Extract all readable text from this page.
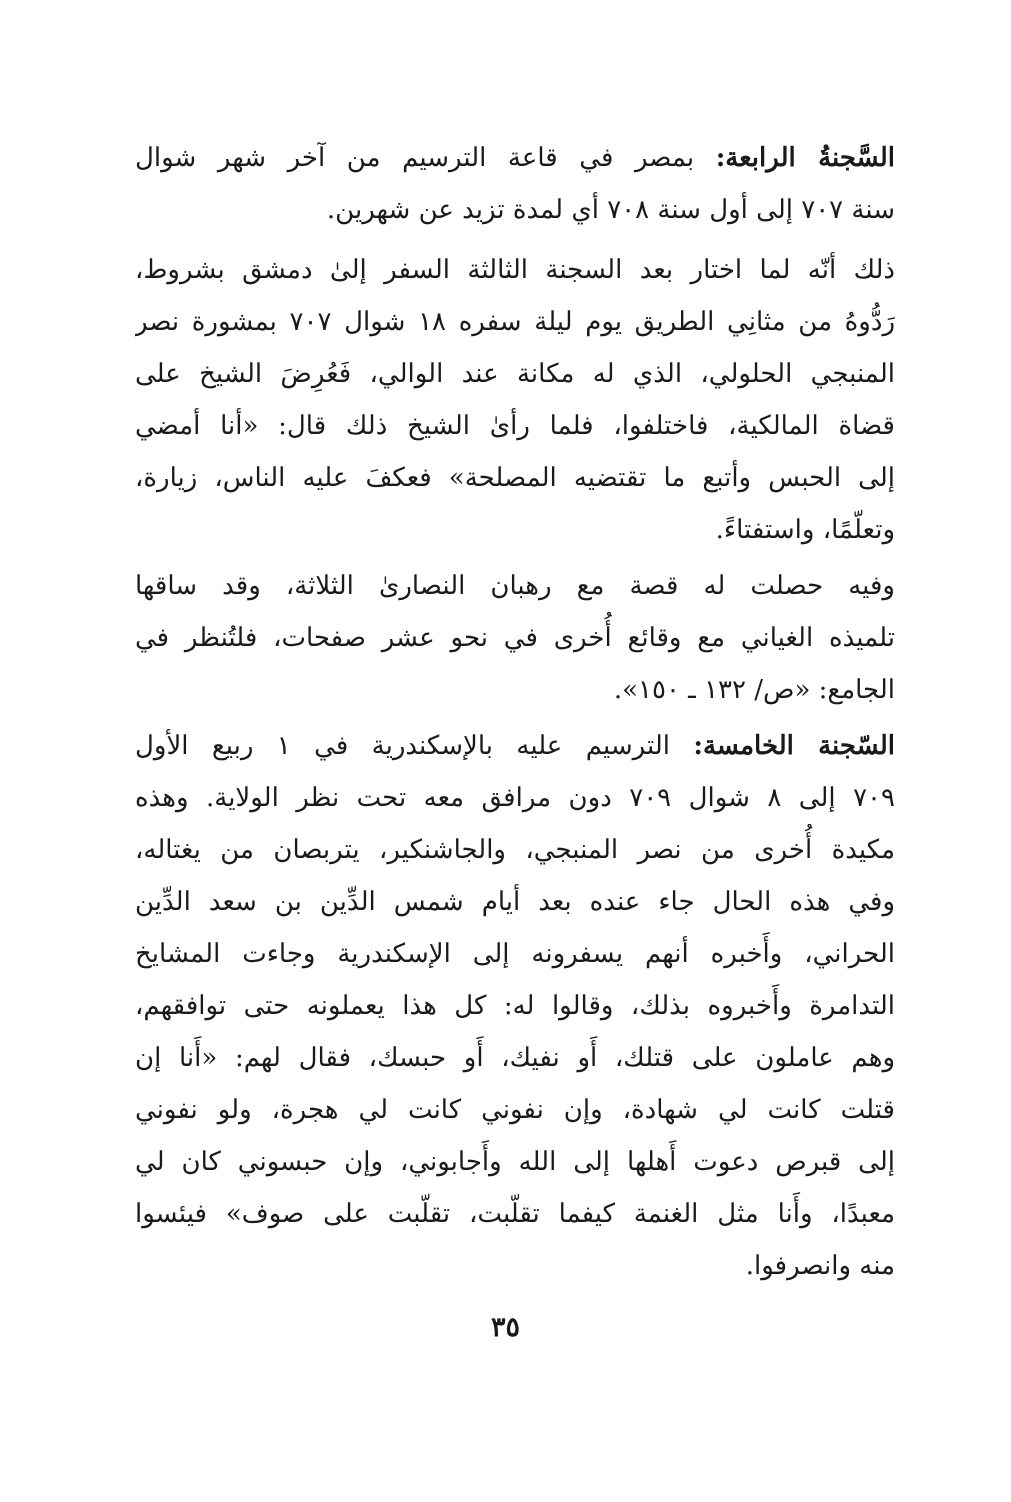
السَّجنةُ الرابعة: بمصر في قاعة الترسيم من آخر شهر شوال
سنة ٧٠٧ إلى أول سنة ٧٠٨ أي لمدة تزيد عن شهرين.
ذلك أنّه لما اختار بعد السجنة الثالثة السفر إلىٰ دمشق بشروط،
رَدُّوهُ من مثانِي الطريق يوم ليلة سفره ١٨ شوال ٧٠٧ بمشورة نصر
المنبجي الحلولي، الذي له مكانة عند الوالي، فَعُرِضَ الشيخ على
قضاة المالكية، فاختلفوا، فلما رأىٰ الشيخ ذلك قال: «أنا أمضي
إلى الحبس وأتبع ما تقتضيه المصلحة» فعكفَ عليه الناس، زيارة،
وتعلّمًا، واستفتاءً.
وفيه حصلت له قصة مع رهبان النصارىٰ الثلاثة، وقد ساقها
تلميذه الغياني مع وقائع أُخرى في نحو عشر صفحات، فلتُنظر في
الجامع: «ص/ ١٣٢ ـ ١٥٠».
السّجنة الخامسة: الترسيم عليه بالإسكندرية في ١ ربيع الأول
٧٠٩ إلى ٨ شوال ٧٠٩ دون مرافق معه تحت نظر الولاية. وهذه
مكيدة أُخرى من نصر المنبجي، والجاشنكير، يتربصان من يغتاله،
وفي هذه الحال جاء عنده بعد أيام شمس الدِّين بن سعد الدِّين
الحراني، وأَخبره أنهم يسفرونه إلى الإسكندرية وجاءت المشايخ
التدامرة وأَخبروه بذلك، وقالوا له: كل هذا يعملونه حتى توافقهم،
وهم عاملون على قتلك، أَو نفيك، أَو حبسك، فقال لهم: «أَنا إن
قتلت كانت لي شهادة، وإن نفوني كانت لي هجرة، ولو نفوني
إلى قبرص دعوت أَهلها إلى الله وأَجابوني، وإن حبسوني كان لي
معبدًا، وأَنا مثل الغنمة كيفما تقلّبت، تقلّبت على صوف» فيئسوا
منه وانصرفوا.
٣٥
